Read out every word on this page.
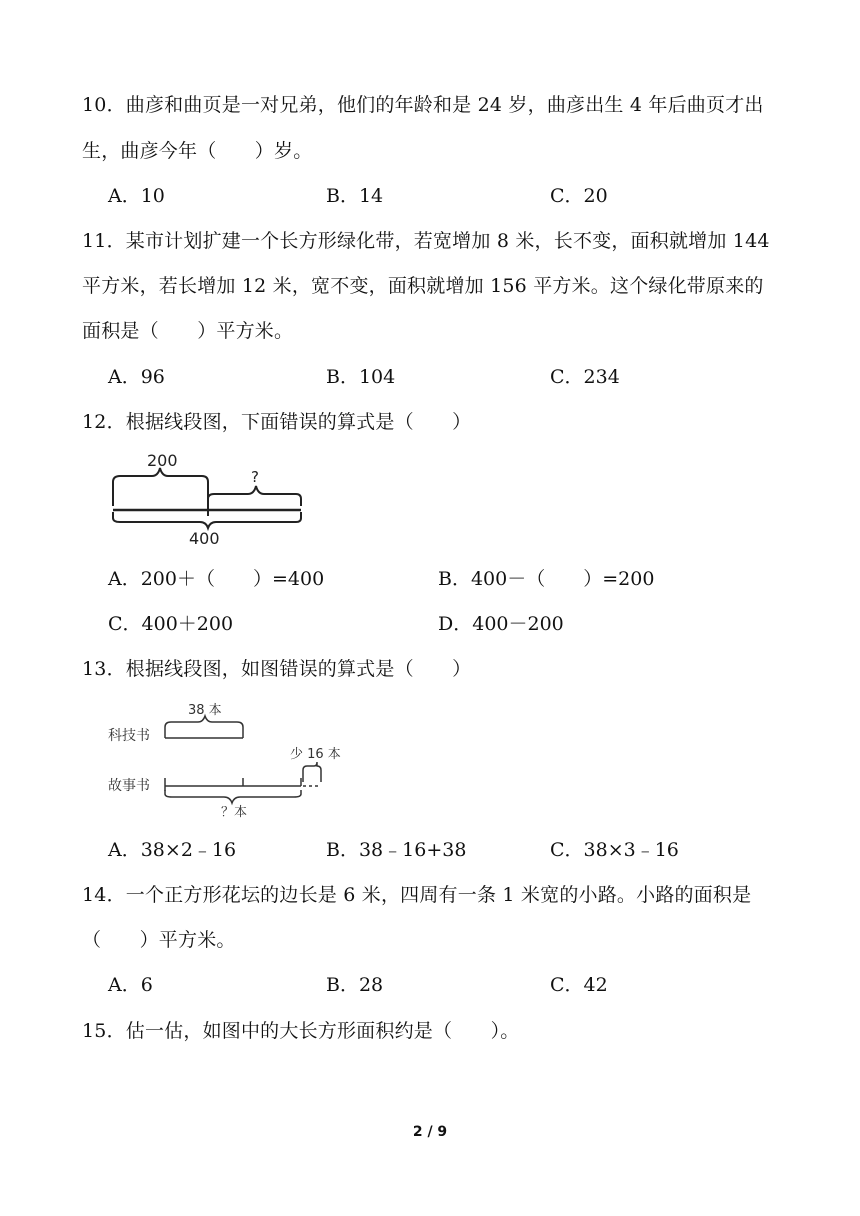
10．曲彦和曲页是一对兄弟，他们的年龄和是 24 岁，曲彦出生 4 年后曲页才出
生，曲彦今年（　　）岁。
A．10	B．14	C．20
11．某市计划扩建一个长方形绿化带，若宽增加 8 米，长不变，面积就增加 144
平方米，若长增加 12 米，宽不变，面积就增加 156 平方米。这个绿化带原来的
面积是（　　）平方米。
A．96	B．104	C．234
12．根据线段图，下面错误的算式是（　　）
200
?
400
A．200＋（　　）=400	B．400－（　　）=200
C．400＋200	D．400－200
13．根据线段图，如图错误的算式是（　　）
科技书
38 本
故事书
少 16 本
？本
A．38×2﹣16	B．38﹣16+38	C．38×3﹣16
14．一个正方形花坛的边长是 6 米，四周有一条 1 米宽的小路。小路的面积是
（　　）平方米。
A．6	B．28	C．42
15．估一估，如图中的大长方形面积约是（　　）。
2 / 9
